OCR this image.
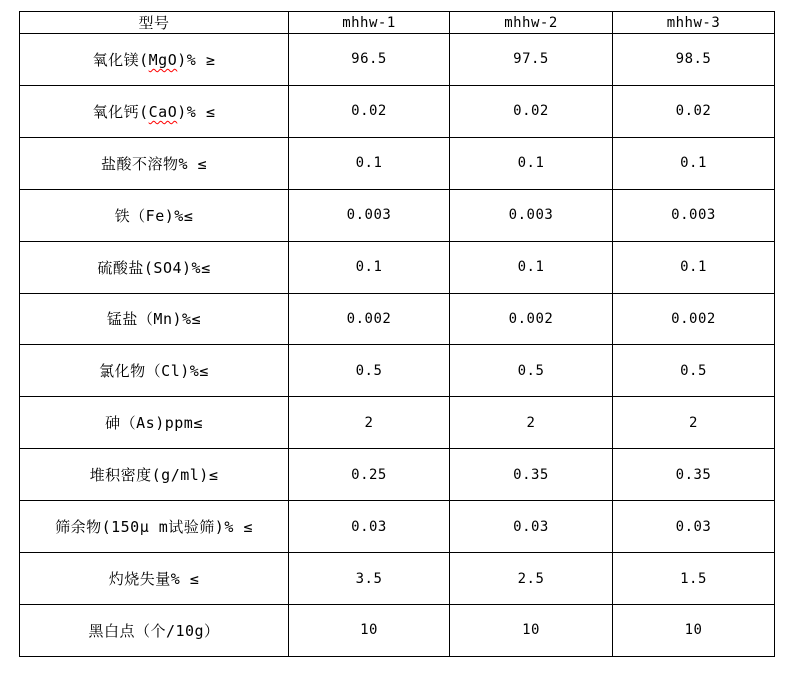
型号	mhhw-1	mhhw-2	mhhw-3
氧化镁(MgO)% ≥	96.5	97.5	98.5
氧化钙(CaO)% ≤	0.02	0.02	0.02
盐酸不溶物% ≤	0.1	0.1	0.1
铁（Fe)%≤	0.003	0.003	0.003
硫酸盐(SO4)%≤	0.1	0.1	0.1
锰盐（Mn)%≤	0.002	0.002	0.002
氯化物（Cl)%≤	0.5	0.5	0.5
砷（As)ppm≤	2	2	2
堆积密度(g/ml)≤	0.25	0.35	0.35
筛余物(150μ m试验筛)% ≤	0.03	0.03	0.03
灼烧失量% ≤	3.5	2.5	1.5
黑白点（个/10g）	10	10	10
